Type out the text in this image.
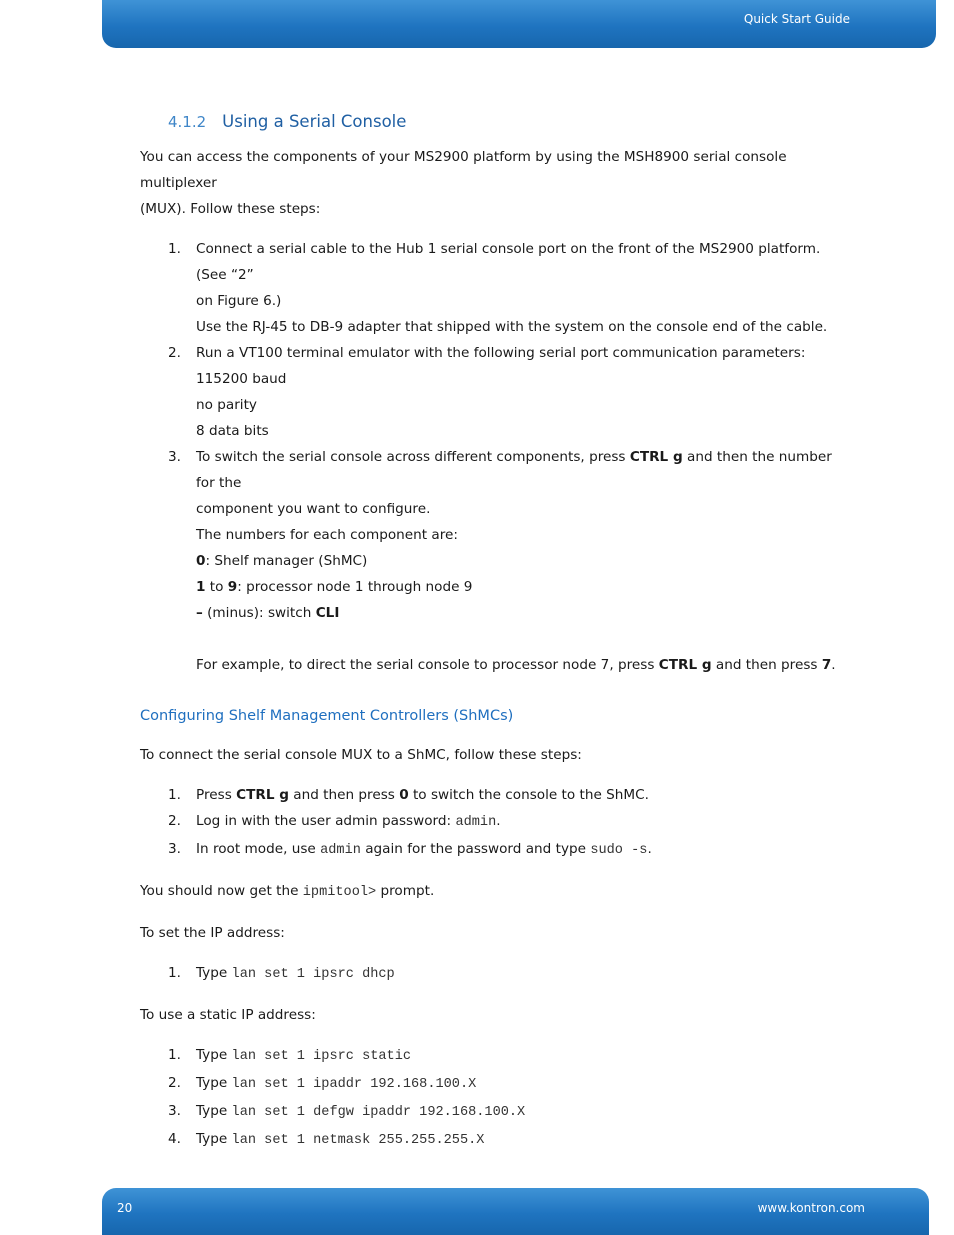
Quick Start Guide
4.1.2 Using a Serial Console

You can access the components of your MS2900 platform by using the MSH8900 serial console multiplexer

(MUX). Follow these steps:

1. Connect a serial cable to the Hub 1 serial console port on the front of the MS2900 platform. (See “2”
on Figure 6.)
Use the RJ-45 to DB-9 adapter that shipped with the system on the console end of the cable.
2. Run a VT100 terminal emulator with the following serial port communication parameters:
115200 baud
no parity
8 data bits
3. To switch the serial console across different components, press CTRL g and then the number for the
component you want to configure.
The numbers for each component are:
0: Shelf manager (ShMC)
1 to 9: processor node 1 through node 9
– (minus): switch CLI
For example, to direct the serial console to processor node 7, press CTRL g and then press 7.
Configuring Shelf Management Controllers (ShMCs)

To connect the serial console MUX to a ShMC, follow these steps:

1. Press CTRL g and then press 0 to switch the console to the ShMC.
2. Log in with the user admin password: admin.
3. In root mode, use admin again for the password and type sudo -s.

You should now get the ipmitool> prompt.

To set the IP address:

1. Type lan set 1 ipsrc dhcp

To use a static IP address:

1. Type lan set 1 ipsrc static
2. Type lan set 1 ipaddr 192.168.100.X
3. Type lan set 1 defgw ipaddr 192.168.100.X
4. Type lan set 1 netmask 255.255.255.X
20	www.kontron.com
